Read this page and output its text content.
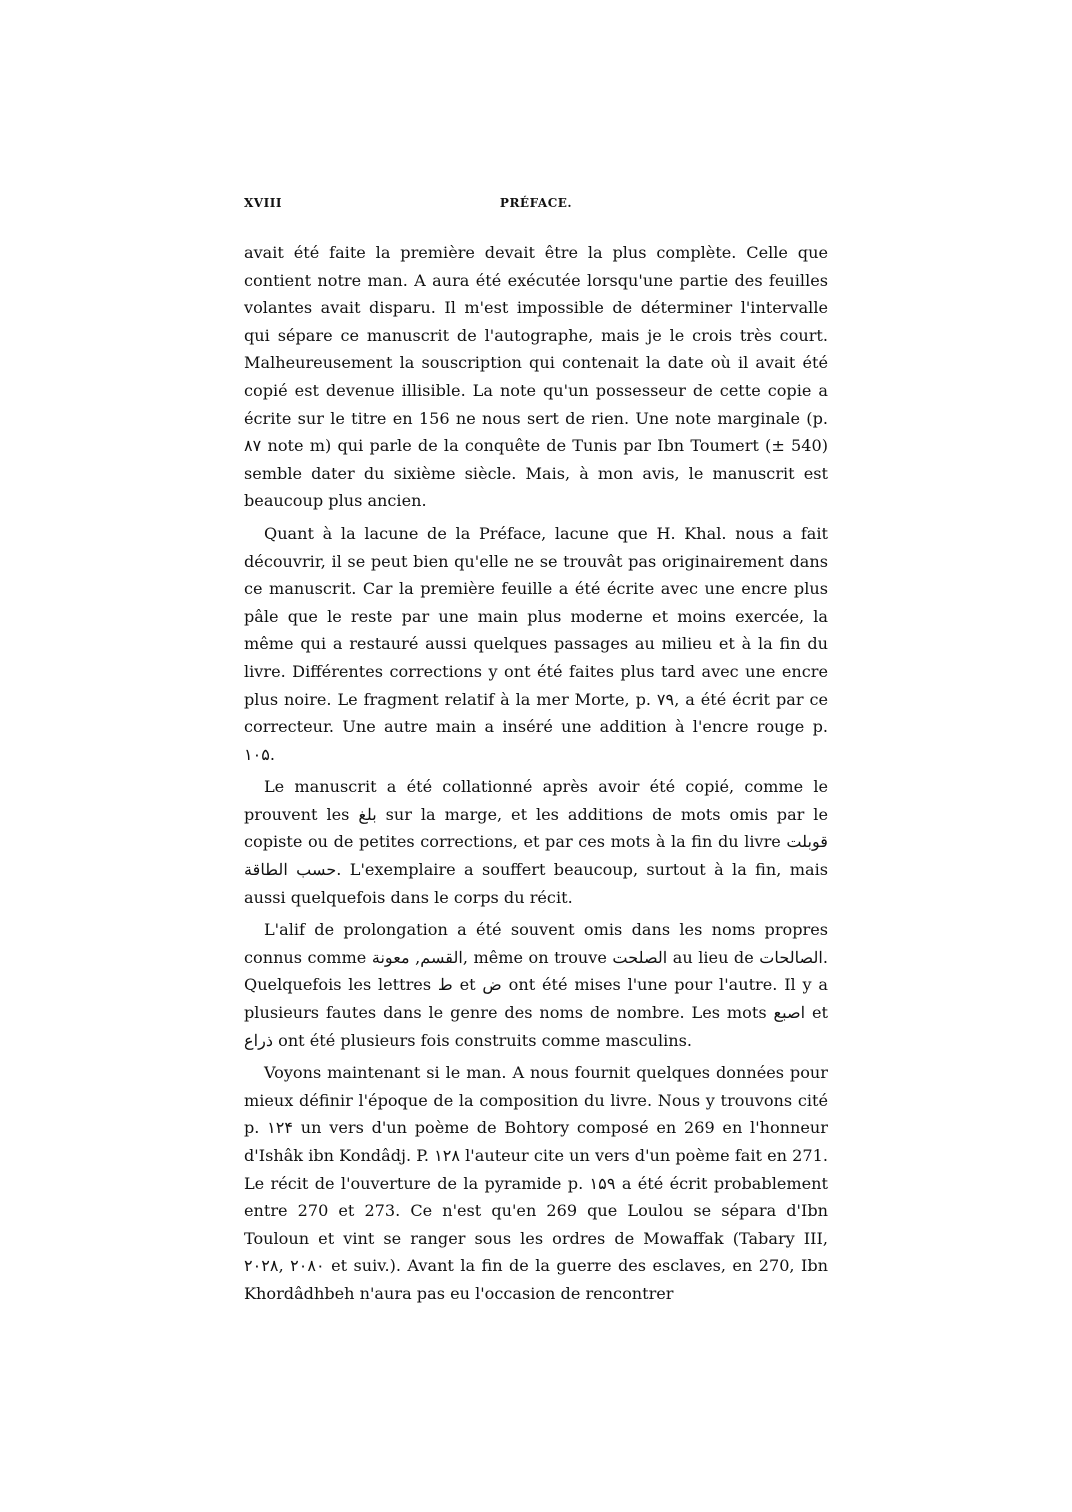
XVIII	PRÉFACE.

avait été faite la première devait être la plus complète. Celle que contient notre man. A aura été exécutée lorsqu'une partie des feuilles volantes avait disparu. Il m'est impossible de déterminer l'intervalle qui sépare ce manuscrit de l'autographe, mais je le crois très court. Malheureusement la souscription qui contenait la date où il avait été copié est devenue illisible. La note qu'un possesseur de cette copie a écrite sur le titre en 156 ne nous sert de rien. Une note marginale (p. ۸۷ note m) qui parle de la conquête de Tunis par Ibn Toumert (± 540) semble dater du sixième siècle. Mais, à mon avis, le manuscrit est beaucoup plus ancien.

Quant à la lacune de la Préface, lacune que H. Khal. nous a fait découvrir, il se peut bien qu'elle ne se trouvât pas originairement dans ce manuscrit. Car la première feuille a été écrite avec une encre plus pâle que le reste par une main plus moderne et moins exercée, la même qui a restauré aussi quelques passages au milieu et à la fin du livre. Différentes corrections y ont été faites plus tard avec une encre plus noire. Le fragment relatif à la mer Morte, p. ۷۹, a été écrit par ce correcteur. Une autre main a inséré une addition à l'encre rouge p. ۱۰۵.

Le manuscrit a été collationné après avoir été copié, comme le prouvent les بلغ sur la marge, et les additions de mots omis par le copiste ou de petites corrections, et par ces mots à la fin du livre قوبلت حسب الطاقة. L'exemplaire a souffert beaucoup, surtout à la fin, mais aussi quelquefois dans le corps du récit.

L'alif de prolongation a été souvent omis dans les noms propres connus comme القسم, معونة, même on trouve الصلحت au lieu de الصالحات. Quelquefois les lettres ط et ض ont été mises l'une pour l'autre. Il y a plusieurs fautes dans le genre des noms de nombre. Les mots اصبع et ذراع ont été plusieurs fois construits comme masculins.

Voyons maintenant si le man. A nous fournit quelques données pour mieux définir l'époque de la composition du livre. Nous y trouvons cité p. ۱۲۴ un vers d'un poème de Bohtory composé en 269 en l'honneur d'Ishâk ibn Kondâdj. P. ۱۲۸ l'auteur cite un vers d'un poème fait en 271. Le récit de l'ouverture de la pyramide p. ۱۵۹ a été écrit probablement entre 270 et 273. Ce n'est qu'en 269 que Loulou se sépara d'Ibn Touloun et vint se ranger sous les ordres de Mowaffak (Tabary III, ۲۰۲۸, ۲۰۸۰ et suiv.). Avant la fin de la guerre des esclaves, en 270, Ibn Khordâdhbeh n'aura pas eu l'occasion de rencontrer
